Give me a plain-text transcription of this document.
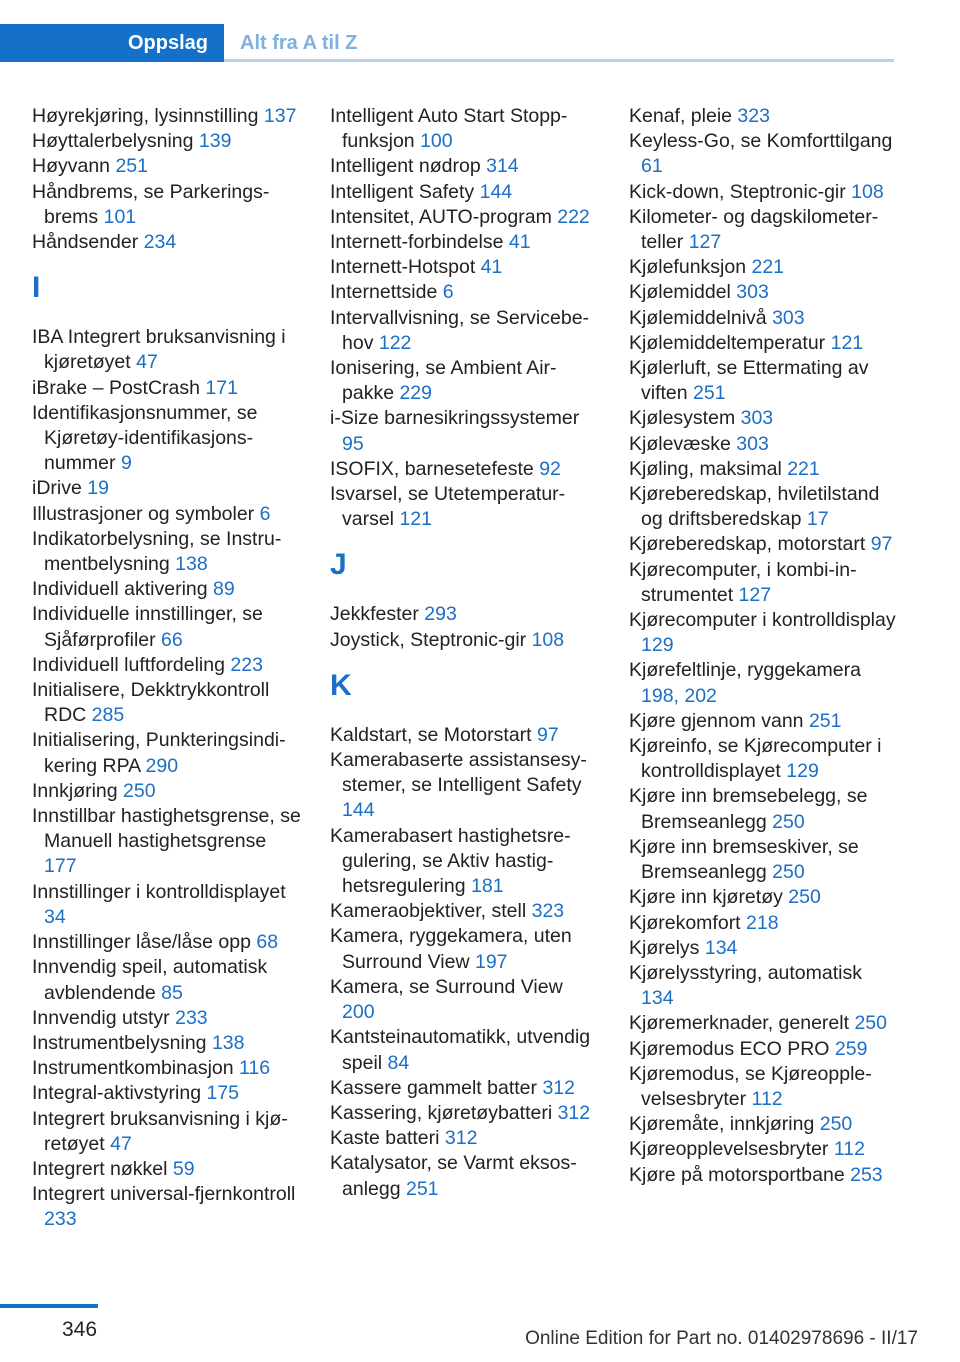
Oppslag	Alt fra A til Z
Høyrekjøring, lysinnstilling 137
Høyttalerbelysning 139
Høyvann 251
Håndbrems, se Parkeringsbrems 101
Håndsender 234
I
IBA Integrert bruksanvisning i kjøretøyet 47
iBrake – PostCrash 171
Identifikasjonsnummer, se Kjøretøy-identifikasjonsnummer 9
iDrive 19
Illustrasjoner og symboler 6
Indikatorbelysning, se Instrumentbelysning 138
Individuell aktivering 89
Individuelle innstillinger, se Sjåførprofiler 66
Individuell luftfordeling 223
Initialisere, Dekktrykkontroll RDC 285
Initialisering, Punkteringsindikering RPA 290
Innkjøring 250
Innstillbar hastighetsgrense, se Manuell hastighetsgrense 177
Innstillinger i kontrolldisplayet 34
Innstillinger låse/låse opp 68
Innvendig speil, automatisk avblendende 85
Innvendig utstyr 233
Instrumentbelysning 138
Instrumentkombinasjon 116
Integral-aktivstyring 175
Integrert bruksanvisning i kjøretøyet 47
Integrert nøkkel 59
Integrert universal-fjernkontroll 233
Intelligent Auto Start Stopp-funksjon 100
Intelligent nødrop 314
Intelligent Safety 144
Intensitet, AUTO-program 222
Internett-forbindelse 41
Internett-Hotspot 41
Internettside 6
Intervallvisning, se Servicebehov 122
Ionisering, se Ambient Air-pakke 229
i-Size barnesikringssystemer 95
ISOFIX, barnesetefeste 92
Isvarsel, se Utetemperaturvarsel 121
J
Jekkfester 293
Joystick, Steptronic-gir 108
K
Kaldstart, se Motorstart 97
Kamerabaserte assistansesystemer, se Intelligent Safety 144
Kamerabasert hastighetsregulering, se Aktiv hastighetsregulering 181
Kameraobjektiver, stell 323
Kamera, ryggekamera, uten Surround View 197
Kamera, se Surround View 200
Kantsteinautomatikk, utvendig speil 84
Kassere gammelt batter 312
Kassering, kjøretøybatteri 312
Kaste batteri 312
Katalysator, se Varmt eksosanlegg 251
Kenaf, pleie 323
Keyless-Go, se Komforttilgang 61
Kick-down, Steptronic-gir 108
Kilometer- og dagskilometerteller 127
Kjølefunksjon 221
Kjølemiddel 303
Kjølemiddelnivå 303
Kjølemiddeltemperatur 121
Kjølerluft, se Ettermating av viften 251
Kjølesystem 303
Kjølevæske 303
Kjøling, maksimal 221
Kjøreberedskap, hviletilstand og driftsberedskap 17
Kjøreberedskap, motorstart 97
Kjørecomputer, i kombi-instrumentet 127
Kjørecomputer i kontrolldisplay 129
Kjørefeltlinje, ryggekamera 198, 202
Kjøre gjennom vann 251
Kjøreinfo, se Kjørecomputer i kontrolldisplayet 129
Kjøre inn bremsebelegg, se Bremseanlegg 250
Kjøre inn bremseskiver, se Bremseanlegg 250
Kjøre inn kjøretøy 250
Kjørekomfort 218
Kjørelys 134
Kjørelysstyring, automatisk 134
Kjøremerknader, generelt 250
Kjøremodus ECO PRO 259
Kjøremodus, se Kjøreopplevelsesbryter 112
Kjøremåte, innkjøring 250
Kjøreopplevelsesbryter 112
Kjøre på motorsportbane 253
346	Online Edition for Part no. 01402978696 - II/17
